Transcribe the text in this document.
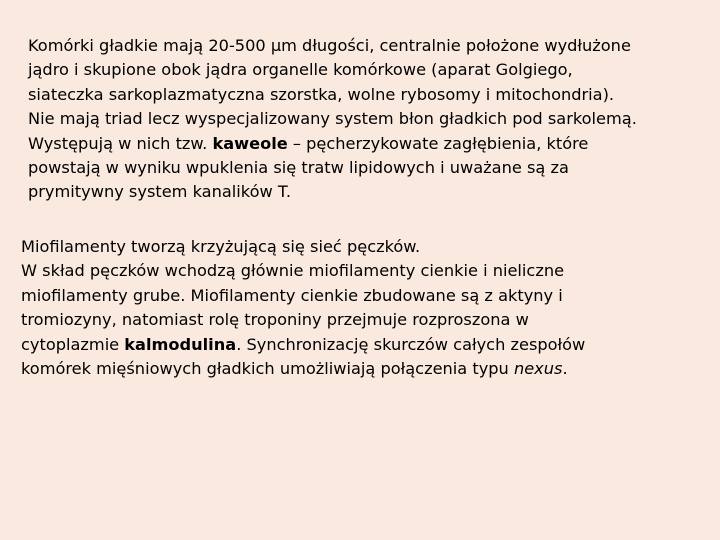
Komórki gładkie mają 20-500 μm długości, centralnie położone wydłużone
jądro i skupione obok jądra organelle komórkowe (aparat Golgiego,
siateczka sarkoplazmatyczna szorstka, wolne rybosomy i mitochondria).
Nie mają triad lecz wyspecjalizowany system błon gładkich pod sarkolemą.
Występują w nich tzw. kaweole – pęcherzykowate zagłębienia, które
powstają w wyniku wpuklenia się tratw lipidowych i uważane są za
prymitywny system kanalików T.

Miofilamenty tworzą krzyżującą się sieć pęczków.
W skład pęczków wchodzą głównie miofilamenty cienkie i nieliczne
miofilamenty grube. Miofilamenty cienkie zbudowane są z aktyny i
tromiozyny, natomiast rolę troponiny przejmuje rozproszona w
cytoplazmie kalmodulina. Synchronizację skurczów całych zespołów
komórek mięśniowych gładkich umożliwiają połączenia typu nexus.
